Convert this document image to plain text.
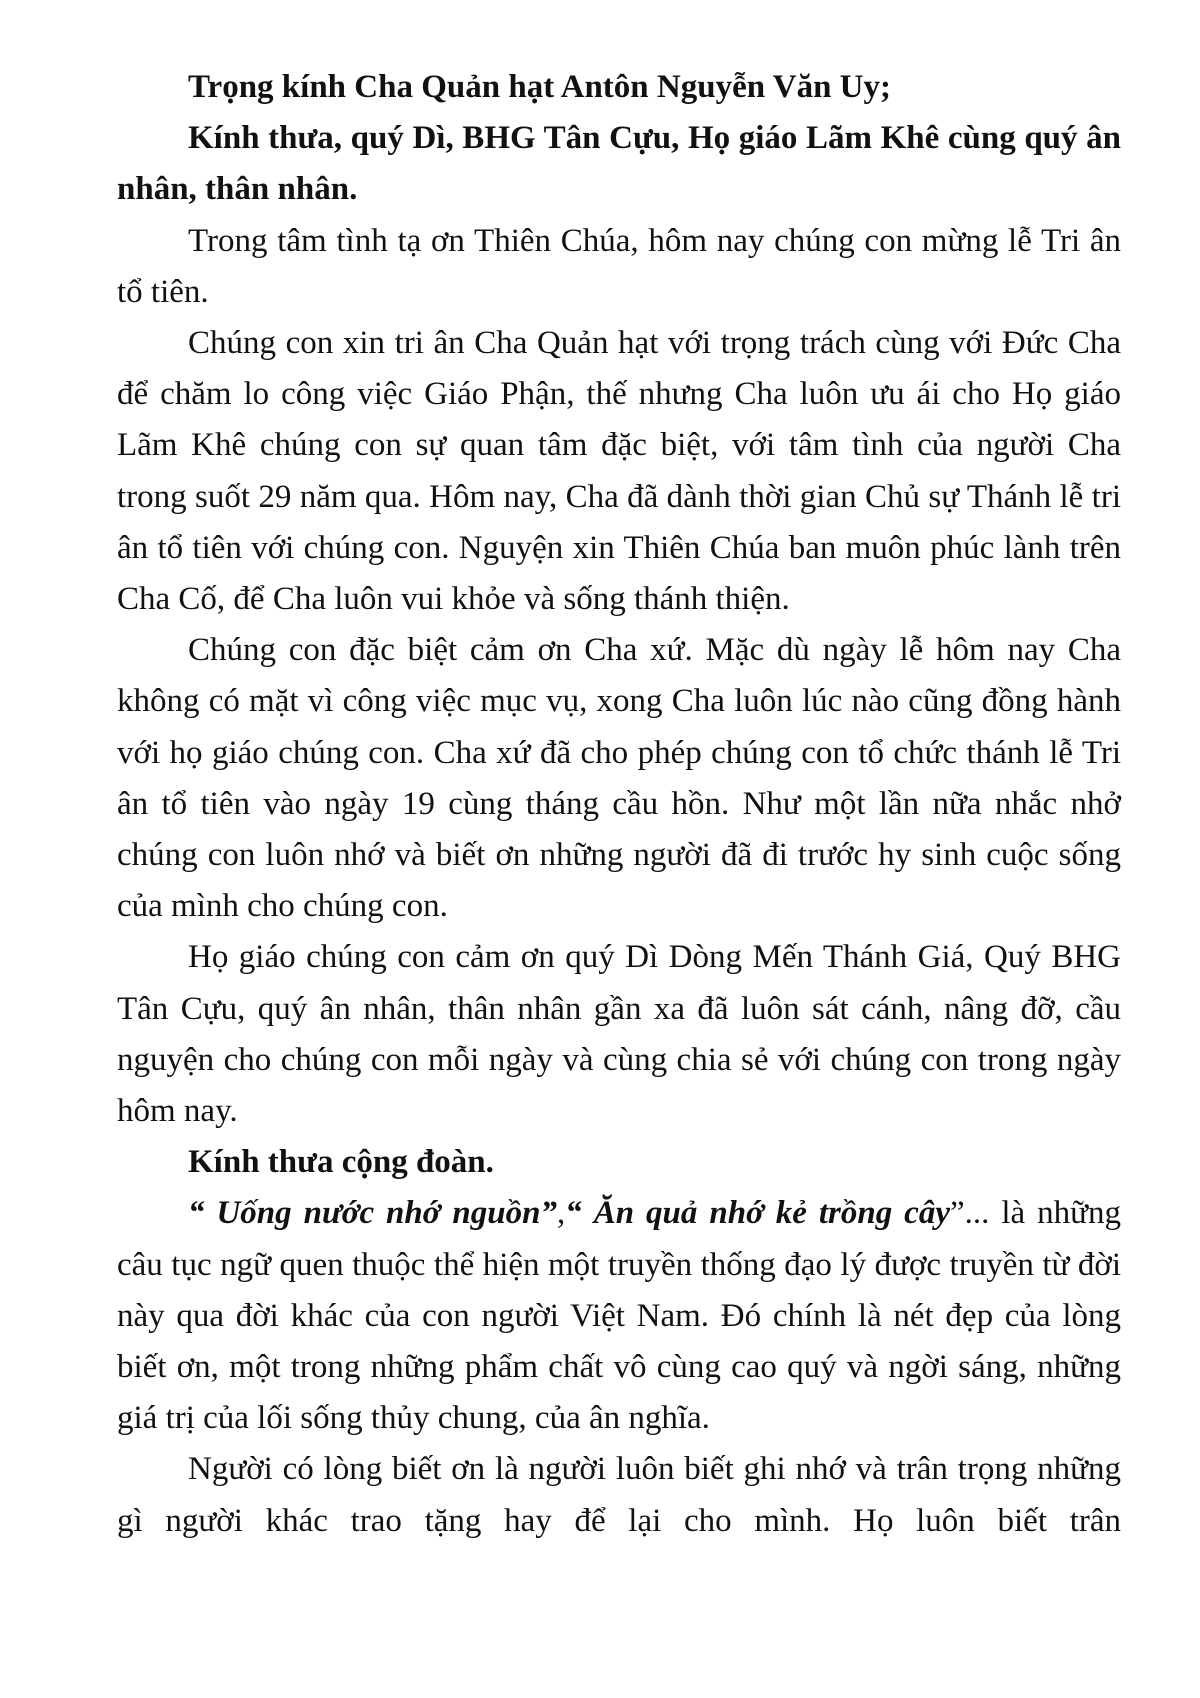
Trọng kính Cha Quản hạt Antôn Nguyễn Văn Uy;

Kính thưa, quý Dì, BHG Tân Cựu, Họ giáo Lãm Khê cùng quý ân nhân, thân nhân.

Trong tâm tình tạ ơn Thiên Chúa, hôm nay chúng con mừng lễ Tri ân tổ tiên.

Chúng con xin tri ân Cha Quản hạt với trọng trách cùng với Đức Cha để chăm lo công việc Giáo Phận, thế nhưng Cha luôn ưu ái cho Họ giáo Lãm Khê chúng con sự quan tâm đặc biệt, với tâm tình của người Cha trong suốt 29 năm qua. Hôm nay, Cha đã dành thời gian Chủ sự Thánh lễ tri ân tổ tiên với chúng con. Nguyện xin Thiên Chúa ban muôn phúc lành trên Cha Cố, để Cha luôn vui khỏe và sống thánh thiện.

Chúng con đặc biệt cảm ơn Cha xứ. Mặc dù ngày lễ hôm nay Cha không có mặt vì công việc mục vụ, xong Cha luôn lúc nào cũng đồng hành với họ giáo chúng con. Cha xứ đã cho phép chúng con tổ chức thánh lễ Tri ân tổ tiên vào ngày 19 cùng tháng cầu hồn. Như một lần nữa nhắc nhở chúng con luôn nhớ và biết ơn những người đã đi trước hy sinh cuộc sống của mình cho chúng con.

Họ giáo chúng con cảm ơn quý Dì Dòng Mến Thánh Giá, Quý BHG Tân Cựu, quý ân nhân, thân nhân gần xa đã luôn sát cánh, nâng đỡ, cầu nguyện cho chúng con mỗi ngày và cùng chia sẻ với chúng con trong ngày hôm nay.

Kính thưa cộng đoàn.

“ Uống nước nhớ nguồn”,“ Ăn quả nhớ kẻ trồng cây”... là những câu tục ngữ quen thuộc thể hiện một truyền thống đạo lý được truyền từ đời này qua đời khác của con người Việt Nam. Đó chính là nét đẹp của lòng biết ơn, một trong những phẩm chất vô cùng cao quý và ngời sáng, những giá trị của lối sống thủy chung, của ân nghĩa.

Người có lòng biết ơn là người luôn biết ghi nhớ và trân trọng những gì người khác trao tặng hay để lại cho mình. Họ luôn biết trân
